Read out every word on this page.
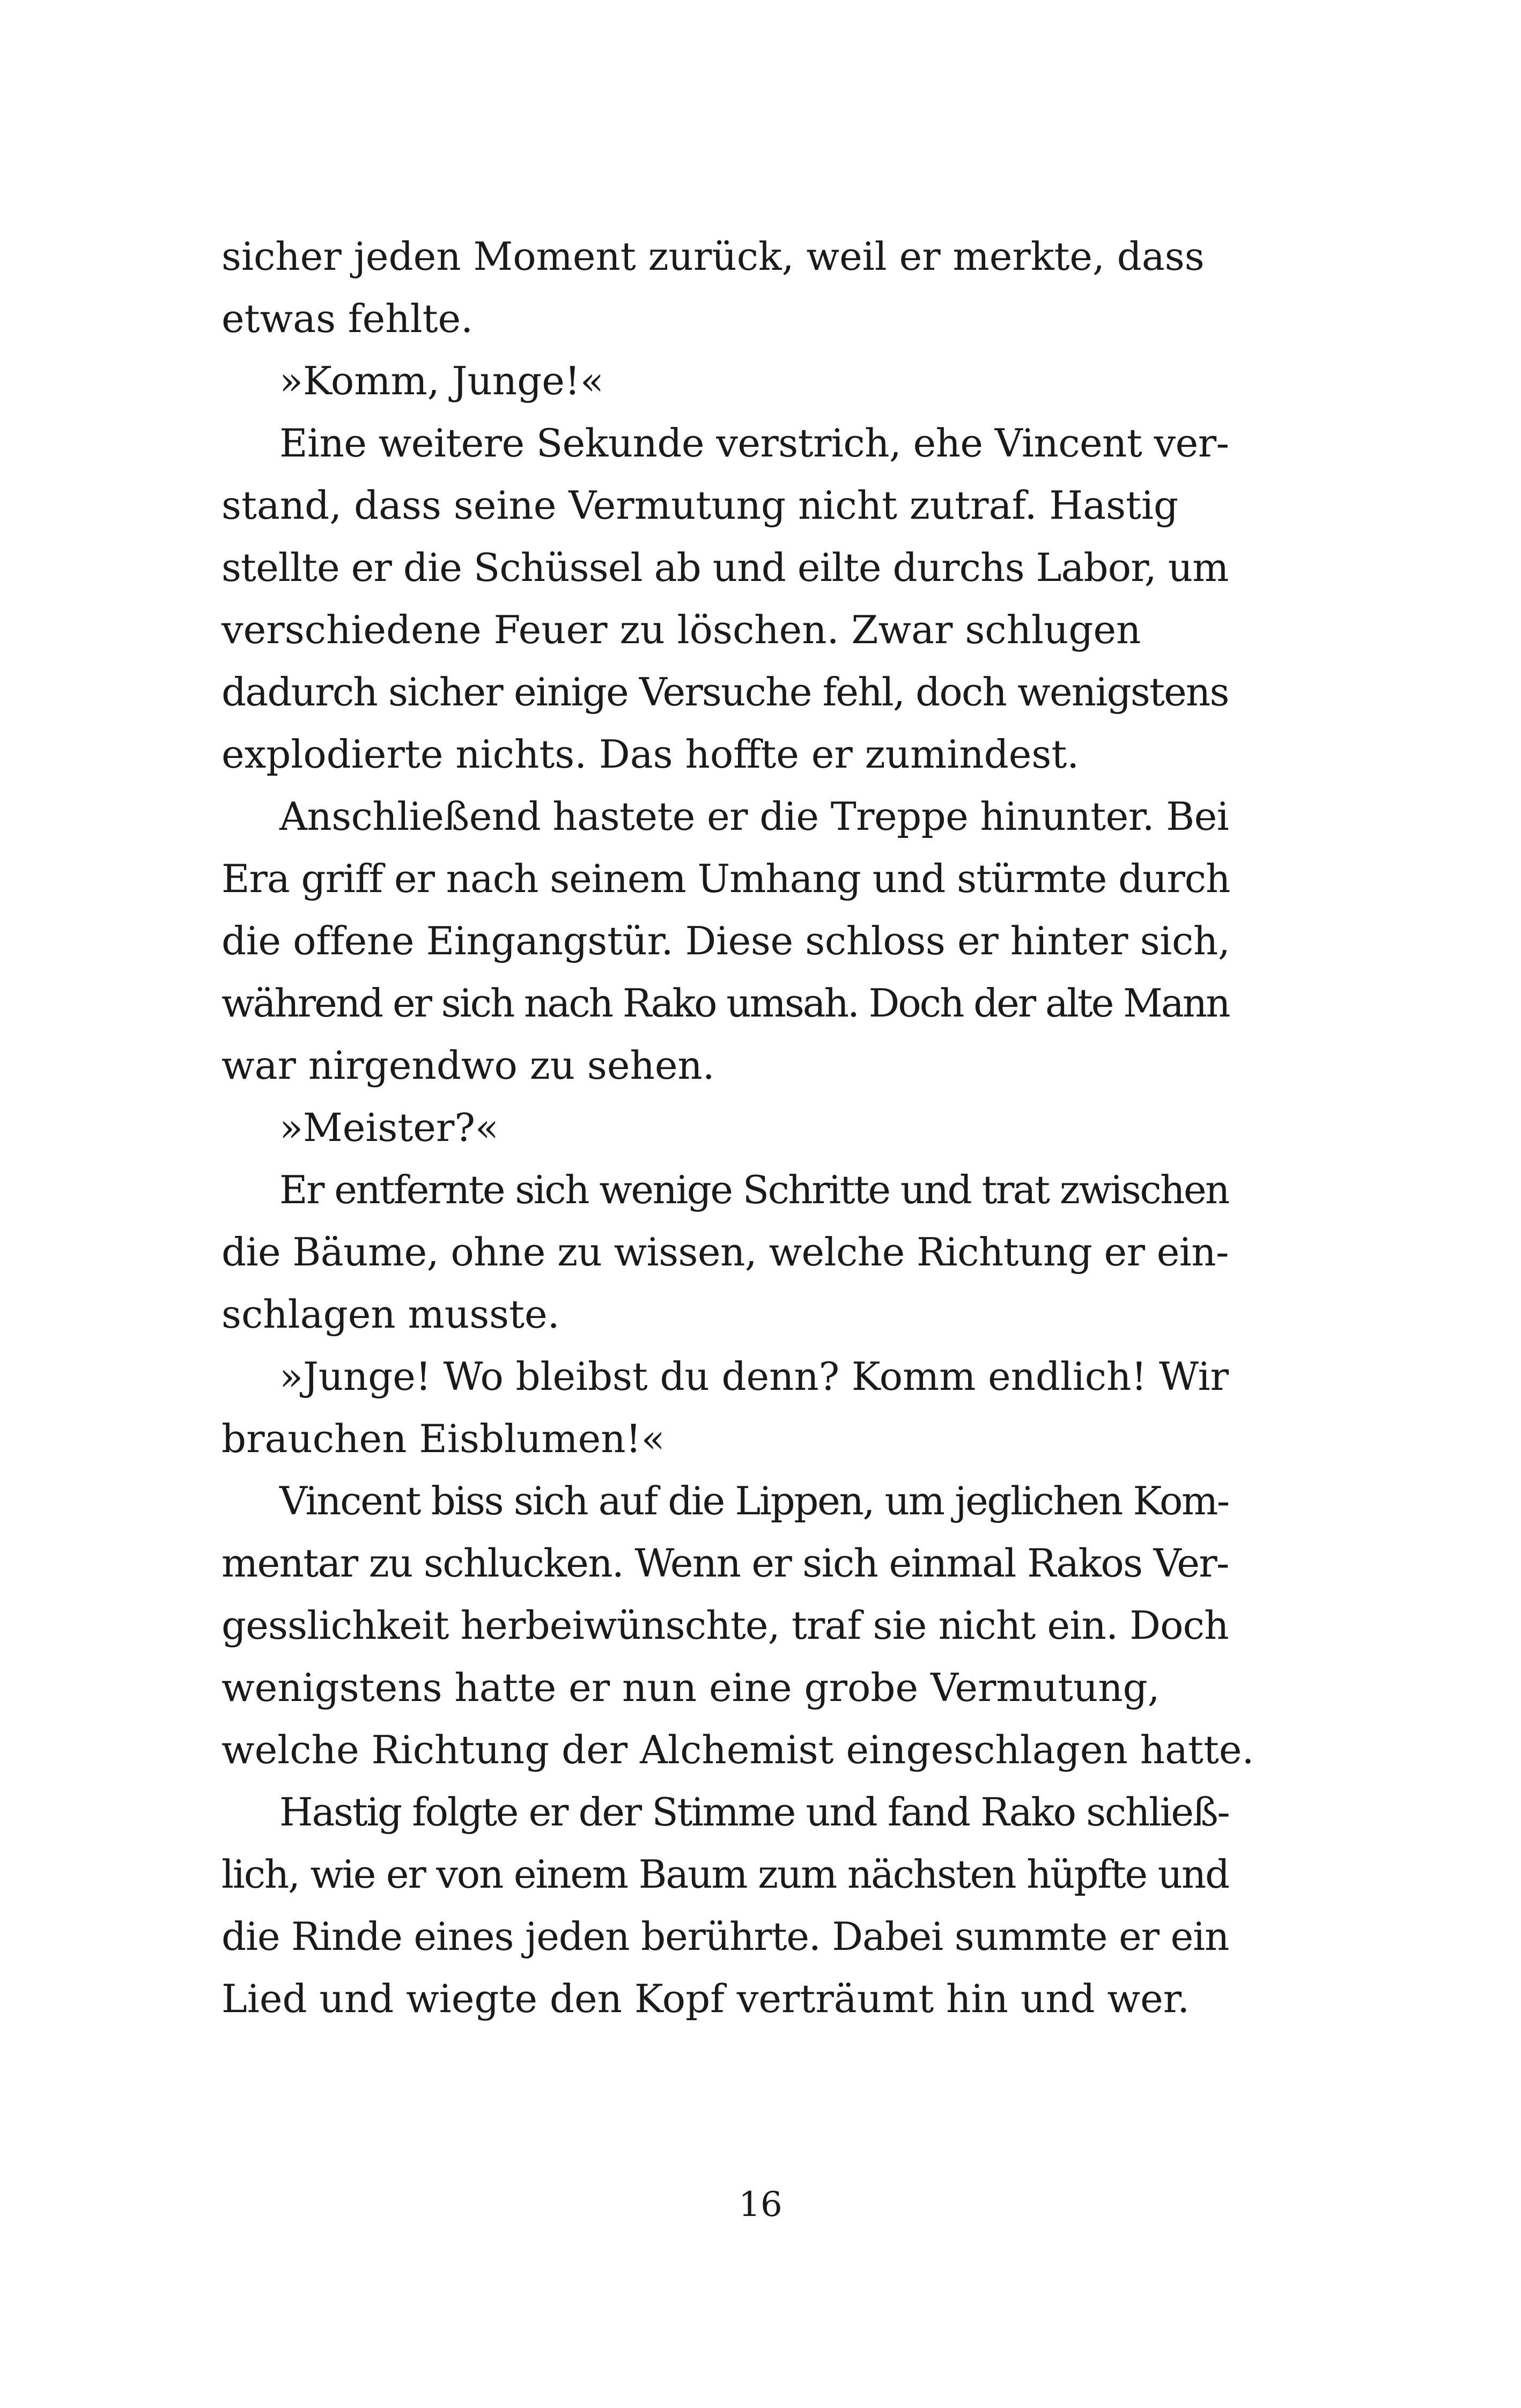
sicher jeden Moment zurück, weil er merkte, dass
etwas fehlte.
»Komm, Junge!«
Eine weitere Sekunde verstrich, ehe Vincent ver-
stand, dass seine Vermutung nicht zutraf. Hastig
stellte er die Schüssel ab und eilte durchs Labor, um
verschiedene Feuer zu löschen. Zwar schlugen
dadurch sicher einige Versuche fehl, doch wenigstens
explodierte nichts. Das hoffte er zumindest.
Anschließend hastete er die Treppe hinunter. Bei
Era griff er nach seinem Umhang und stürmte durch
die offene Eingangstür. Diese schloss er hinter sich,
während er sich nach Rako umsah. Doch der alte Mann
war nirgendwo zu sehen.
»Meister?«
Er entfernte sich wenige Schritte und trat zwischen
die Bäume, ohne zu wissen, welche Richtung er ein-
schlagen musste.
»Junge! Wo bleibst du denn? Komm endlich! Wir
brauchen Eisblumen!«
Vincent biss sich auf die Lippen, um jeglichen Kom-
mentar zu schlucken. Wenn er sich einmal Rakos Ver-
gesslichkeit herbeiwünschte, traf sie nicht ein. Doch
wenigstens hatte er nun eine grobe Vermutung,
welche Richtung der Alchemist eingeschlagen hatte.
Hastig folgte er der Stimme und fand Rako schließ-
lich, wie er von einem Baum zum nächsten hüpfte und
die Rinde eines jeden berührte. Dabei summte er ein
Lied und wiegte den Kopf verträumt hin und wer.
16
